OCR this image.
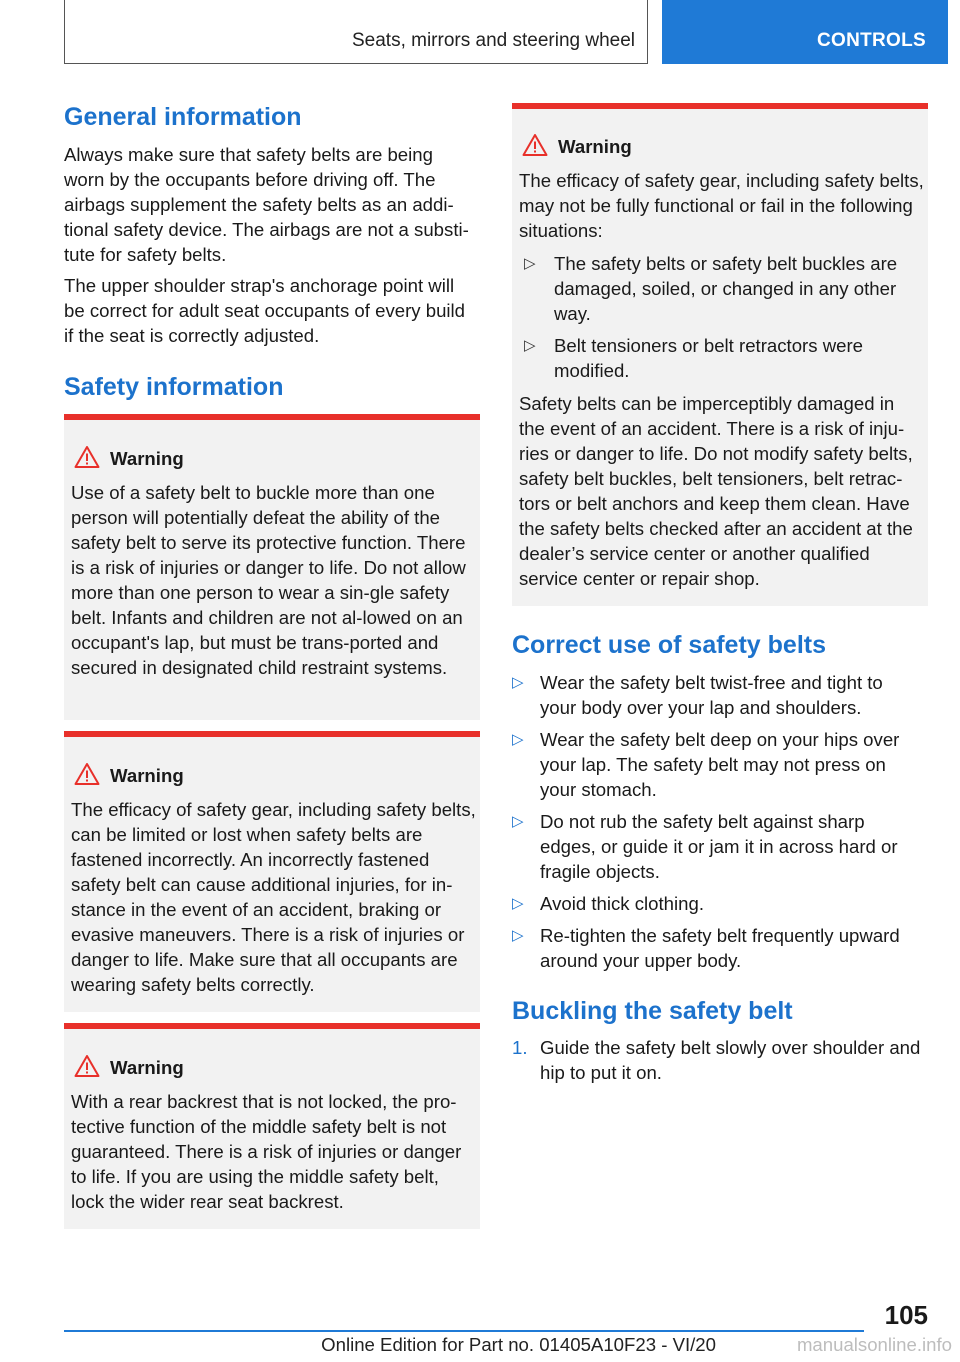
Seats, mirrors and steering wheel	CONTROLS
General information

Always make sure that safety belts are being worn by the occupants before driving off. The airbags supplement the safety belts as an addi-tional safety device. The airbags are not a substi-tute for safety belts.

The upper shoulder strap's anchorage point will be correct for adult seat occupants of every build if the seat is correctly adjusted.

Safety information
Warning

Use of a safety belt to buckle more than one person will potentially defeat the ability of the safety belt to serve its protective function. There is a risk of injuries or danger to life. Do not allow more than one person to wear a sin-gle safety belt. Infants and children are not al-lowed on an occupant's lap, but must be trans-ported and secured in designated child restraint systems.

Warning

The efficacy of safety gear, including safety belts, can be limited or lost when safety belts are fastened incorrectly. An incorrectly fastened safety belt can cause additional injuries, for in-stance in the event of an accident, braking or evasive maneuvers. There is a risk of injuries or danger to life. Make sure that all occupants are wearing safety belts correctly.

Warning

With a rear backrest that is not locked, the pro-tective function of the middle safety belt is not guaranteed. There is a risk of injuries or danger to life. If you are using the middle safety belt, lock the wider rear seat backrest.

Warning

The efficacy of safety gear, including safety belts, may not be fully functional or fail in the following situations:

▷ The safety belts or safety belt buckles are damaged, soiled, or changed in any other way.
▷ Belt tensioners or belt retractors were modified.

Safety belts can be imperceptibly damaged in the event of an accident. There is a risk of inju-ries or danger to life. Do not modify safety belts, safety belt buckles, belt tensioners, belt retrac-tors or belt anchors and keep them clean. Have the safety belts checked after an accident at the dealer’s service center or another qualified service center or repair shop.

Correct use of safety belts
▷ Wear the safety belt twist-free and tight to your body over your lap and shoulders.
▷ Wear the safety belt deep on your hips over your lap. The safety belt may not press on your stomach.
▷ Do not rub the safety belt against sharp edges, or guide it or jam it in across hard or fragile objects.
▷ Avoid thick clothing.
▷ Re-tighten the safety belt frequently upward around your upper body.
Buckling the safety belt
1. Guide the safety belt slowly over shoulder and hip to put it on.
105
Online Edition for Part no. 01405A10F23 - VI/20	manualsonline.info
